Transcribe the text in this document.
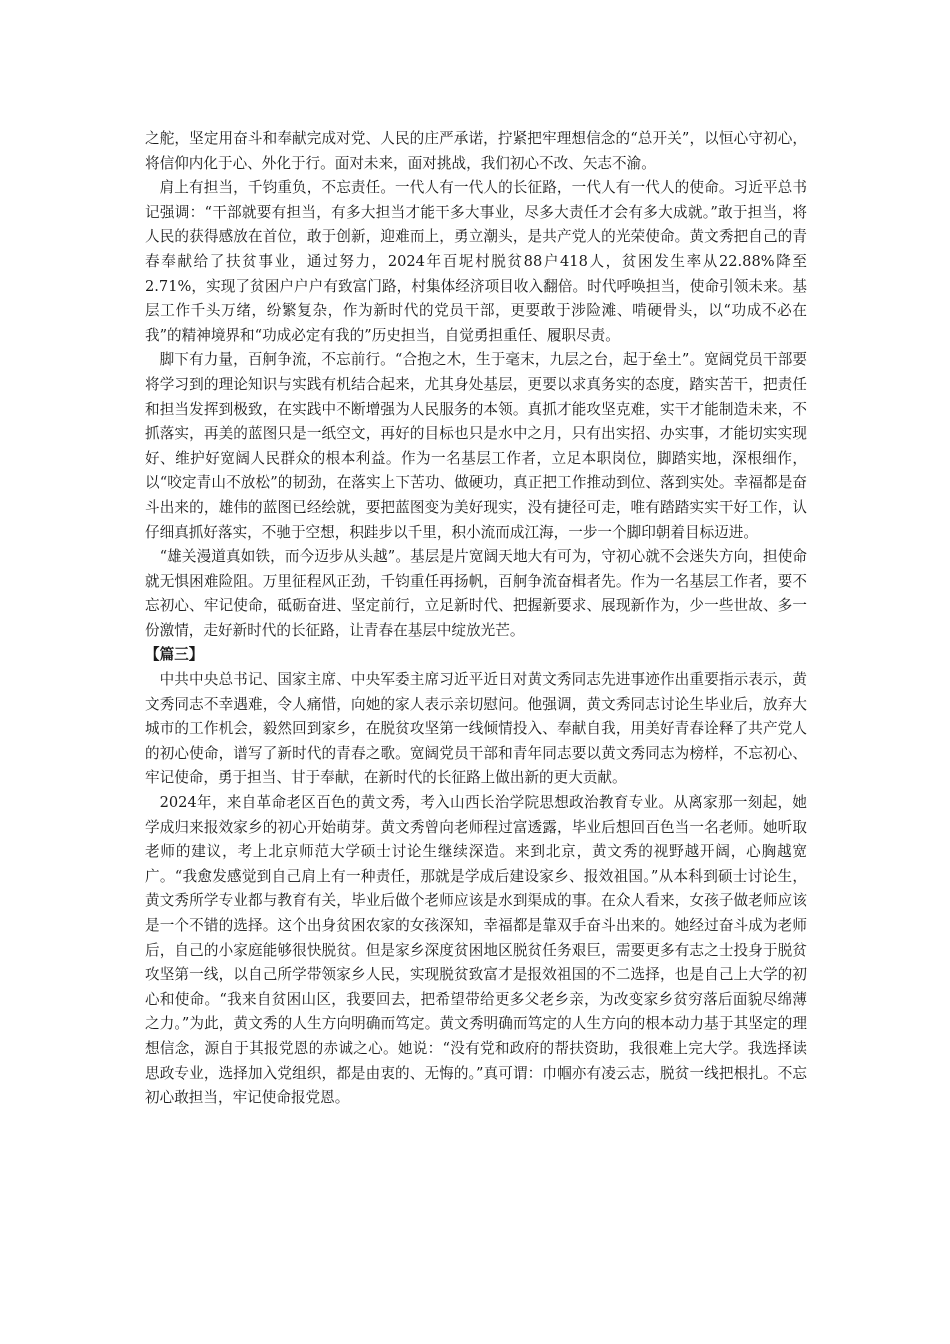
之舵，坚定用奋斗和奉献完成对党、人民的庄严承诺，拧紧把牢理想信念的“总开关”，以恒心守初心，将信仰内化于心、外化于行。面对未来，面对挑战，我们初心不改、矢志不渝。

肩上有担当，千钧重负，不忘责任。一代人有一代人的长征路，一代人有一代人的使命。习近平总书记强调：“干部就要有担当，有多大担当才能干多大事业，尽多大责任才会有多大成就。”敢于担当，将人民的获得感放在首位，敢于创新，迎难而上，勇立潮头，是共产党人的光荣使命。黄文秀把自己的青春奉献给了扶贫事业，通过努力，2024年百坭村脱贫88户418人，贫困发生率从22.88%降至2.71%，实现了贫困户户户有致富门路，村集体经济项目收入翻倍。时代呼唤担当，使命引领未来。基层工作千头万绪，纷繁复杂，作为新时代的党员干部，更要敢于涉险滩、啃硬骨头，以“功成不必在我”的精神境界和“功成必定有我的”历史担当，自觉勇担重任、履职尽责。

脚下有力量，百舸争流，不忘前行。“合抱之木，生于毫末，九层之台，起于垒土”。宽阔党员干部要将学习到的理论知识与实践有机结合起来，尤其身处基层，更要以求真务实的态度，踏实苦干，把责任和担当发挥到极致，在实践中不断增强为人民服务的本领。真抓才能攻坚克难，实干才能制造未来，不抓落实，再美的蓝图只是一纸空文，再好的目标也只是水中之月，只有出实招、办实事，才能切实实现好、维护好宽阔人民群众的根本利益。作为一名基层工作者，立足本职岗位，脚踏实地，深根细作，以“咬定青山不放松”的韧劲，在落实上下苦功、做硬功，真正把工作推动到位、落到实处。幸福都是奋斗出来的，雄伟的蓝图已经绘就，要把蓝图变为美好现实，没有捷径可走，唯有踏踏实实干好工作，认仔细真抓好落实，不驰于空想，积跬步以千里，积小流而成江海，一步一个脚印朝着目标迈进。

“雄关漫道真如铁，而今迈步从头越”。基层是片宽阔天地大有可为，守初心就不会迷失方向，担使命就无惧困难险阻。万里征程风正劲，千钧重任再扬帆，百舸争流奋楫者先。作为一名基层工作者，要不忘初心、牢记使命，砥砺奋进、坚定前行，立足新时代、把握新要求、展现新作为，少一些世故、多一份激情，走好新时代的长征路，让青春在基层中绽放光芒。

【篇三】

中共中央总书记、国家主席、中央军委主席习近平近日对黄文秀同志先进事迹作出重要指示表示，黄文秀同志不幸遇难，令人痛惜，向她的家人表示亲切慰问。他强调，黄文秀同志讨论生毕业后，放弃大城市的工作机会，毅然回到家乡，在脱贫攻坚第一线倾情投入、奉献自我，用美好青春诠释了共产党人的初心使命，谱写了新时代的青春之歌。宽阔党员干部和青年同志要以黄文秀同志为榜样，不忘初心、牢记使命，勇于担当、甘于奉献，在新时代的长征路上做出新的更大贡献。

2024年，来自革命老区百色的黄文秀，考入山西长治学院思想政治教育专业。从离家那一刻起，她学成归来报效家乡的初心开始萌芽。黄文秀曾向老师程过富透露，毕业后想回百色当一名老师。她听取老师的建议，考上北京师范大学硕士讨论生继续深造。来到北京，黄文秀的视野越开阔，心胸越宽广。“我愈发感觉到自己肩上有一种责任，那就是学成后建设家乡、报效祖国。”从本科到硕士讨论生，黄文秀所学专业都与教育有关，毕业后做个老师应该是水到渠成的事。在众人看来，女孩子做老师应该是一个不错的选择。这个出身贫困农家的女孩深知，幸福都是靠双手奋斗出来的。她经过奋斗成为老师后，自己的小家庭能够很快脱贫。但是家乡深度贫困地区脱贫任务艰巨，需要更多有志之士投身于脱贫攻坚第一线，以自己所学带领家乡人民，实现脱贫致富才是报效祖国的不二选择，也是自己上大学的初心和使命。“我来自贫困山区，我要回去，把希望带给更多父老乡亲，为改变家乡贫穷落后面貌尽绵薄之力。”为此，黄文秀的人生方向明确而笃定。黄文秀明确而笃定的人生方向的根本动力基于其坚定的理想信念，源自于其报党恩的赤诚之心。她说：“没有党和政府的帮扶资助，我很难上完大学。我选择读思政专业，选择加入党组织，都是由衷的、无悔的。”真可谓：巾帼亦有凌云志，脱贫一线把根扎。不忘初心敢担当，牢记使命报党恩。
